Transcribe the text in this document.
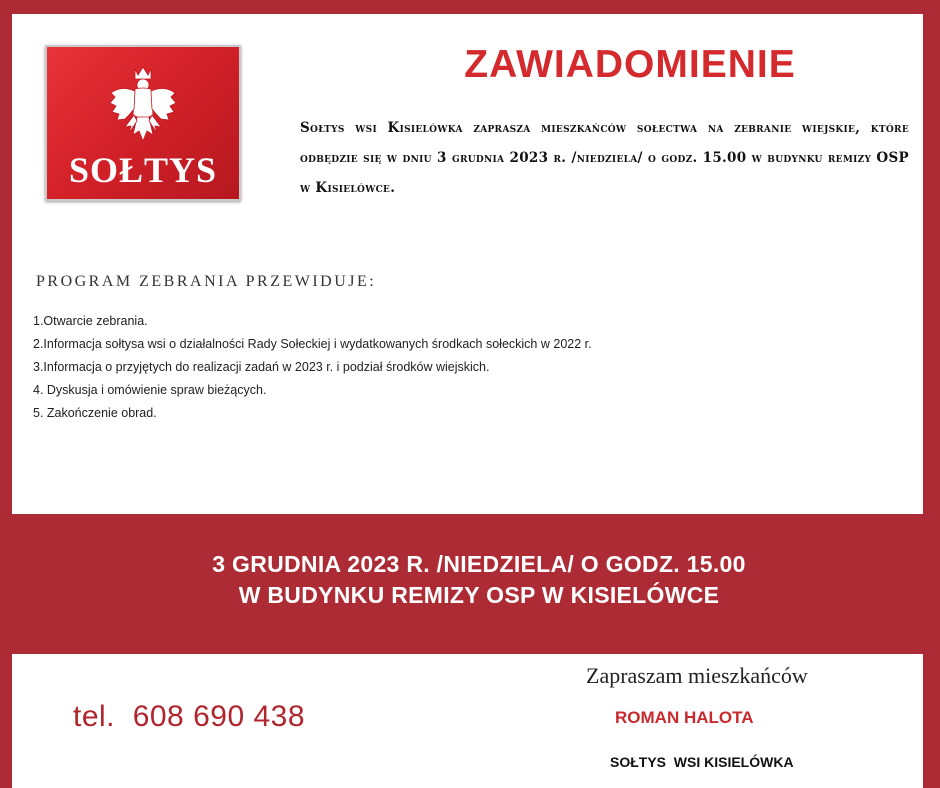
SOŁTYS
ZAWIADOMIENIE
Sołtys wsi Kisielówka zaprasza mieszkańców sołectwa na zebranie wiejskie, które odbędzie się w dniu 3 grudnia 2023 r. /niedziela/ o godz. 15.00 w budynku remizy OSP w Kisielówce.
PROGRAM ZEBRANIA PRZEWIDUJE:
1.Otwarcie zebrania.
2.Informacja sołtysa wsi o działalności Rady Sołeckiej i wydatkowanych środkach sołeckich w 2022 r.
3.Informacja o przyjętych do realizacji zadań w 2023 r. i podział środków wiejskich.
4. Dyskusja i omówienie spraw bieżących.
5. Zakończenie obrad.
3 GRUDNIA 2023 R. /NIEDZIELA/ O GODZ. 15.00
W BUDYNKU REMIZY OSP W KISIELÓWCE
tel.  608 690 438
Zapraszam mieszkańców
ROMAN HALOTA
SOŁTYS  WSI KISIELÓWKA
